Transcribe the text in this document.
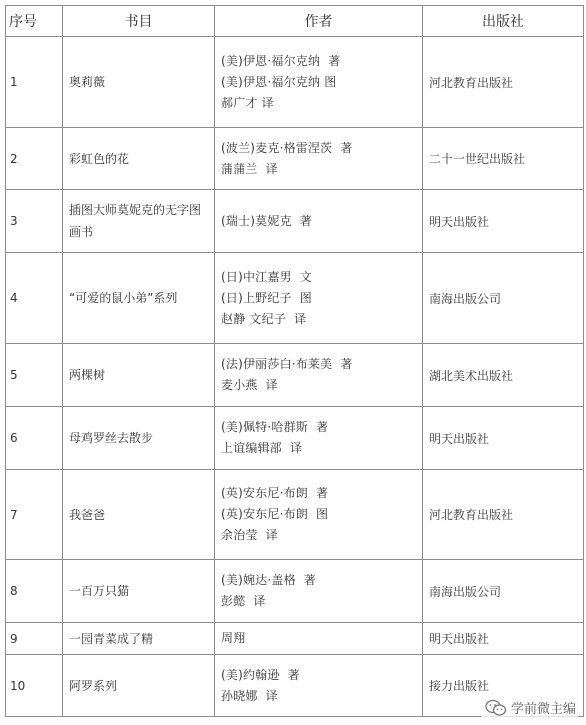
序号	书目	作者	出版社
1	奥莉薇	(美)伊恩·福尔克纳  著
(美)伊恩·福尔克纳 图
郝广才 译	河北教育出版社
2	彩虹色的花	(波兰)麦克·格雷涅茨  著
蒲蒲兰  译	二十一世纪出版社
3	插图大师莫妮克的无字图画书	(瑞士)莫妮克  著	明天出版社
4	“可爱的鼠小弟”系列	(日)中江嘉男  文
(日)上野纪子  图
赵静 文纪子  译	南海出版公司
5	两棵树	(法)伊丽莎白·布莱美  著
麦小燕  译	湖北美术出版社
6	母鸡罗丝去散步	(美)佩特·哈群斯  著
上谊编辑部  译	明天出版社
7	我爸爸	(英)安东尼·布朗  著
(英)安东尼·布朗  图
余治莹  译	河北教育出版社
8	一百万只猫	(美)婉达·盖格  著
彭懿  译	南海出版公司
9	一园青菜成了精	周翔	明天出版社
10	阿罗系列	(美)约翰逊  著
孙晓娜  译	接力出版社
学前微主编
